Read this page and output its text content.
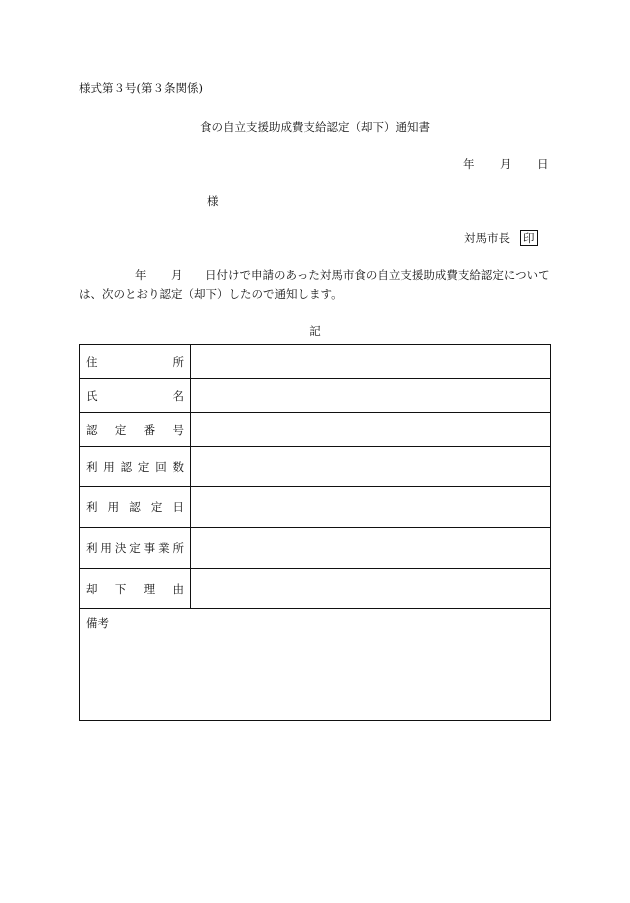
様式第３号(第３条関係)
食の自立支援助成費支給認定（却下）通知書
年 月 日
様
対馬市長 印
年 月 日付けで申請のあった対馬市食の自立支援助成費支給認定については、次のとおり認定（却下）したので通知します。
記
住所	

氏名	

認定番号	

利用認定回数	

利用認定日	

利用決定事業所	

却下理由	

備考	
